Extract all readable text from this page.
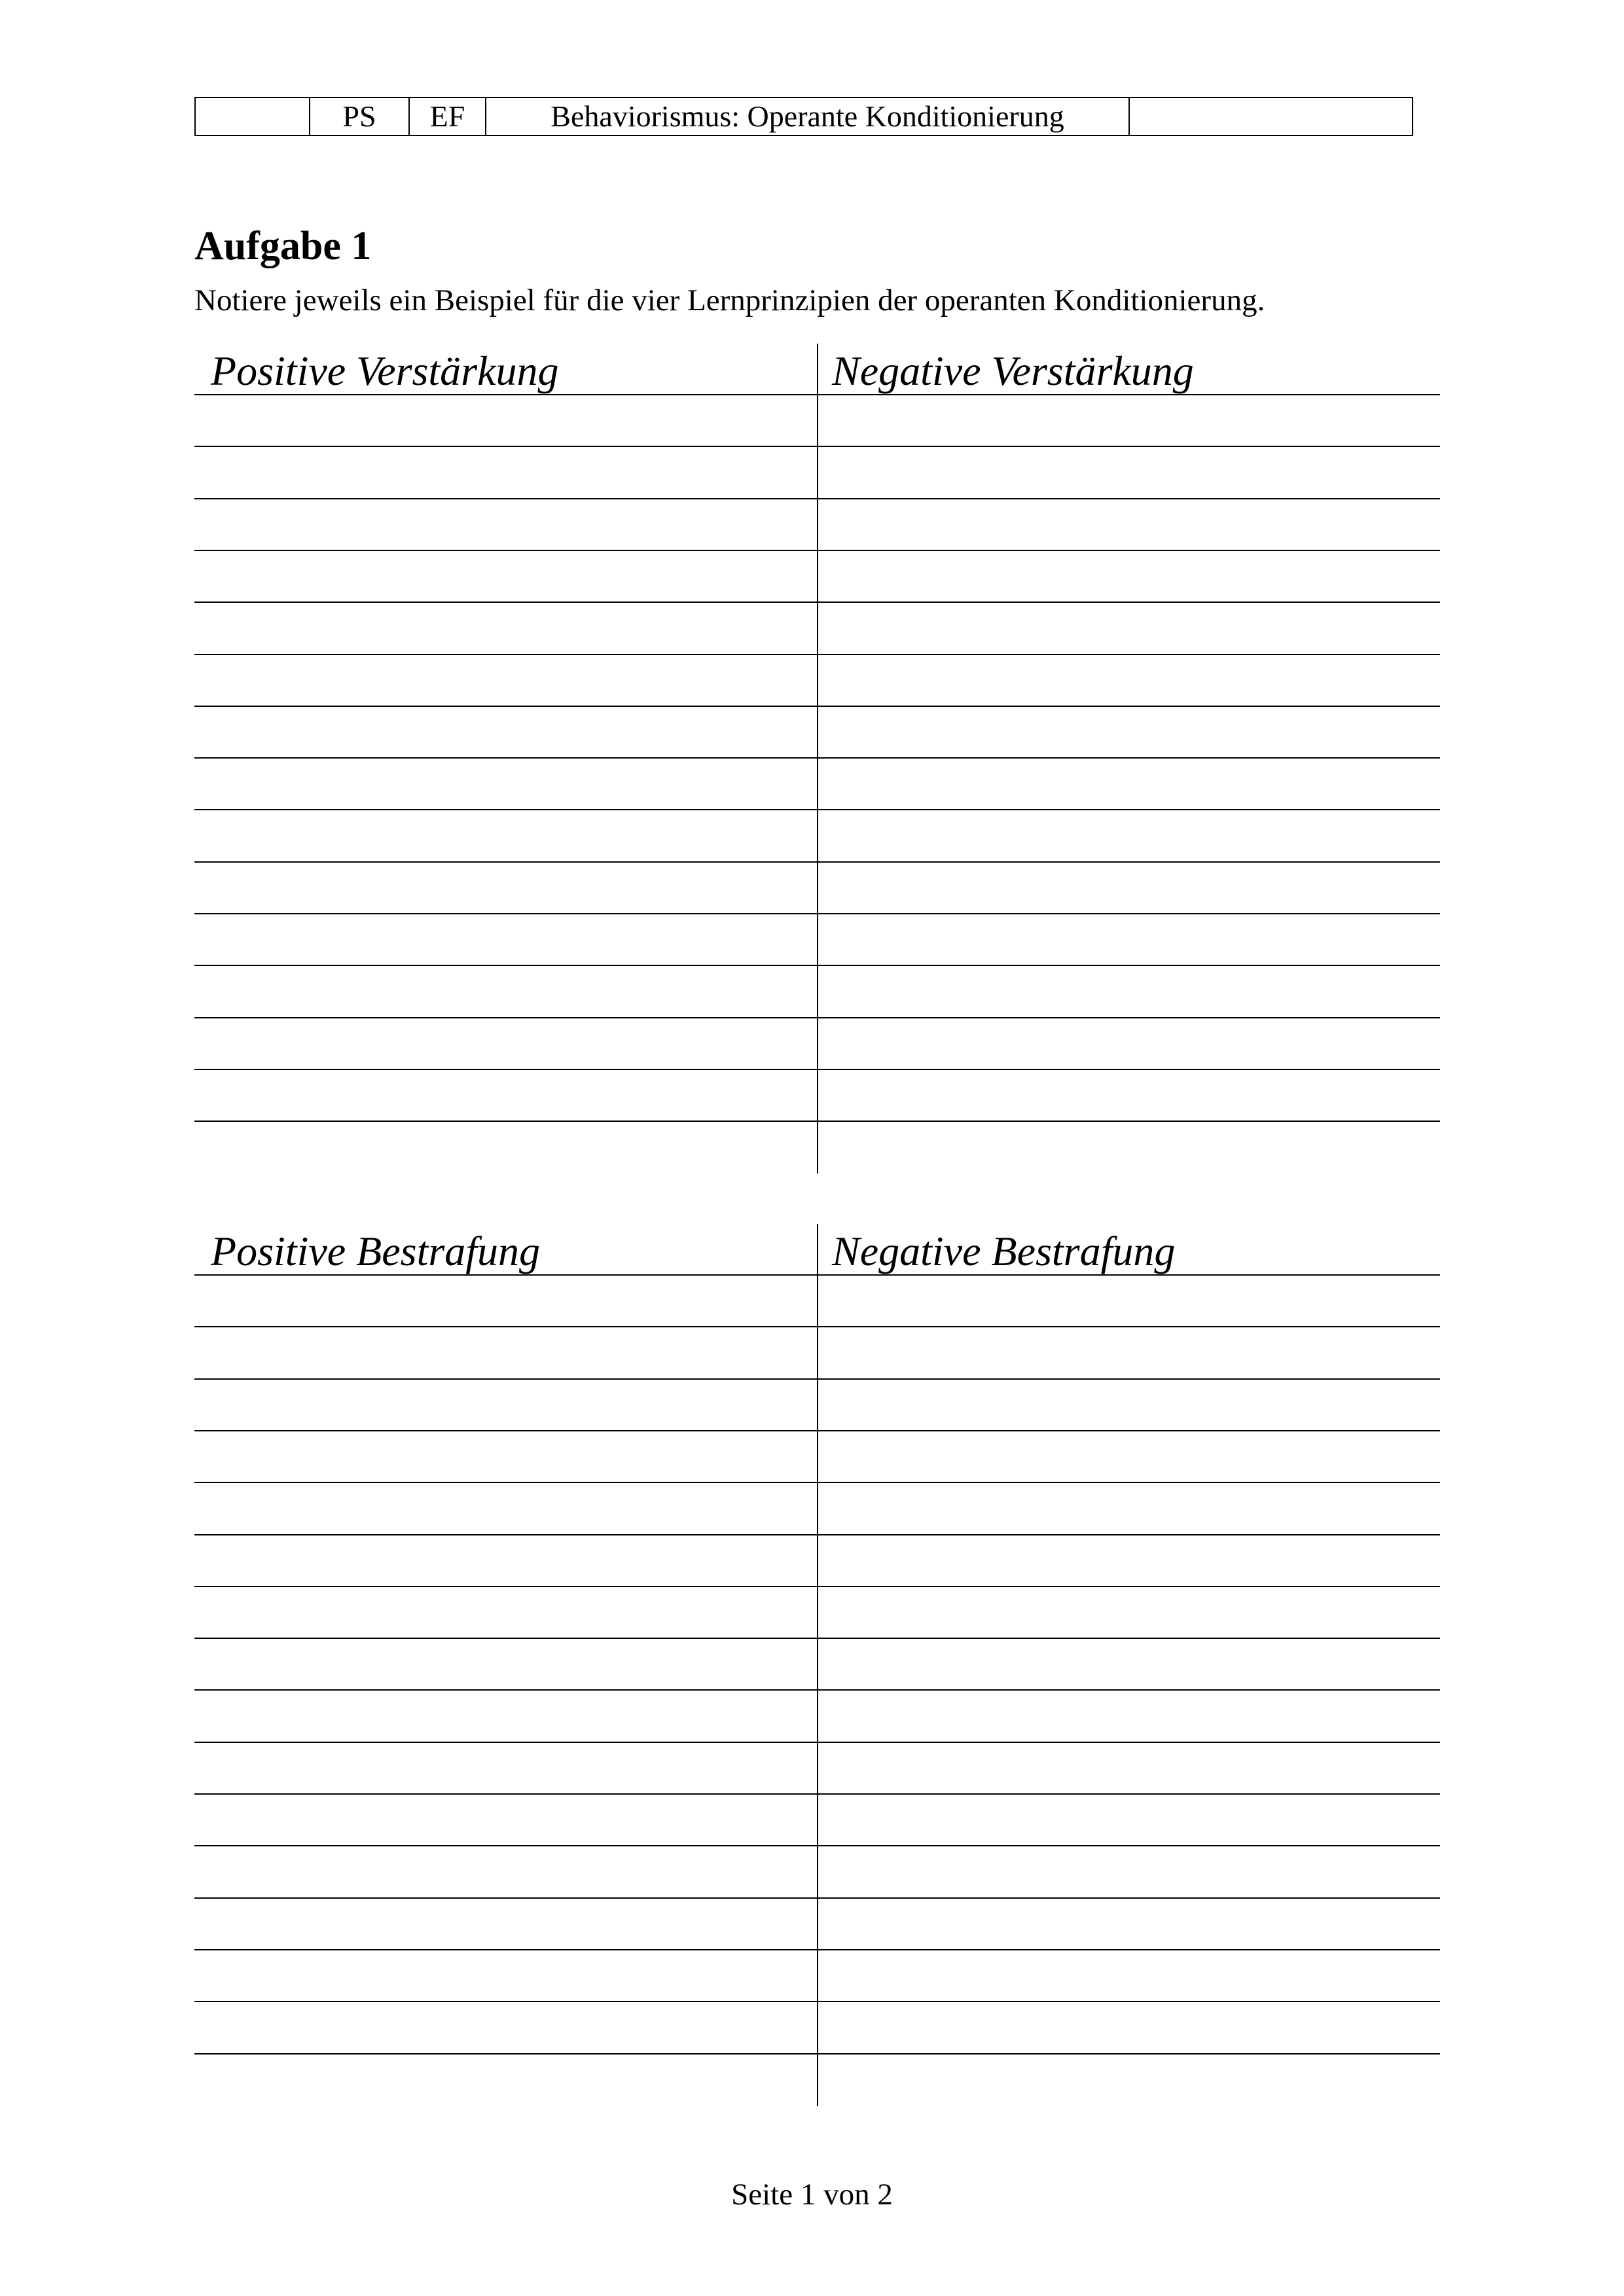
	PS	EF	Behaviorismus: Operante Konditionierung	
Aufgabe 1
Notiere jeweils ein Beispiel für die vier Lernprinzipien der operanten Konditionierung.
Positive Verstärkung	Negative Verstärkung
Positive Bestrafung	Negative Bestrafung
Seite 1 von 2
